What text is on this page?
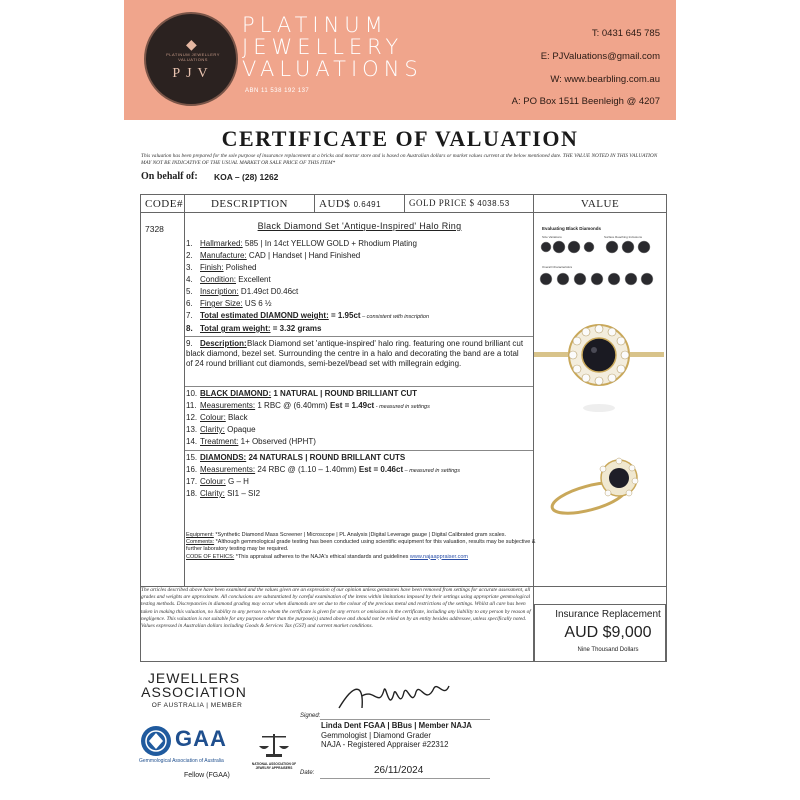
◆
PLATINUM JEWELLERY VALUATIONS
PJV
PLATINUM
JEWELLERY
VALUATIONS
ABN 11 538 192 137
T: 0431 645 785
E: PJValuations@gmail.com
W: www.bearbling.com.au
A: PO Box 1511 Beenleigh @ 4207
CERTIFICATE OF VALUATION
This valuation has been prepared for the sole purpose of insurance replacement at a bricks and mortar store and is based on Australian dollars or market values current at the below mentioned date. THE VALUE NOTED IN THIS VALUATION MAY NOT BE INDICATIVE OF THE USUAL MARKET OR SALE PRICE OF THIS ITEM*
On behalf of: KOA – (28) 1262
CODE#	DESCRIPTION	AUD$ 0.6491	GOLD PRICE $ 4038.53	VALUE
7328	Black Diamond Set 'Antique-Inspired' Halo Ring
1. Hallmarked: 585 | In 14ct YELLOW GOLD + Rhodium Plating
2. Manufacture: CAD | Handset | Hand Finished
3. Finish: Polished
4. Condition: Excellent
5. Inscription: D1.49ct D0.46ct
6. Finger Size: US 6 ½
7. Total estimated DIAMOND weight: = 1.95ct – consistent with inscription
8. Total gram weight: = 3.32 grams
9. Description: Black Diamond set 'antique-inspired' halo ring. featuring one round brilliant cut black diamond, bezel set. Surrounding the centre in a halo and decorating the band are a total of 24 round brilliant cut diamonds, semi-bezel/bead set with millegrain edging.
10. BLACK DIAMOND: 1 NATURAL | ROUND BRILLIANT CUT
11. Measurements: 1 RBC @ (6.40mm) Est = 1.49ct - measured in settings
12. Colour: Black
13. Clarity: Opaque
14. Treatment: 1+ Observed (HPHT)
15. DIAMONDS: 24 NATURALS | ROUND BRILLANT CUTS
16. Measurements: 24 RBC @ (1.10 – 1.40mm) Est = 0.46ct – measured in settings
17. Colour: G – H
18. Clarity: SI1 – SI2
Equipment: *Synthetic Diamond Mass Screener | Microscope | PL Analysis |Digital Leverage gauge | Digital Calibrated gram scales.
Comments: *Although gemmological grade testing has been conducted using scientific equipment for this valuation, results may be subjective & further laboratory testing may be required.
CODE OF ETHICS: *This appraisal adheres to the NAJA's ethical standards and guidelines www.najaappraiser.com
Evaluating Black Diamonds
Size Variations	Surface Reaching Inclusions
Overall Characteristics
The articles described above have been examined and the values given are an expression of our opinion unless gemstones have been removed from settings for accurate assessment, all grades and weights are approximate. All conclusions are substantiated by careful examination of the items within limitations imposed by their settings using appropriate gemmological testing methods. Discrepancies in diamond grading may occur when diamonds are set due to the colour of the precious metal and restrictions of the settings. Whilst all care has been taken in making this valuation, no liability to any person to whom the certificate is given for any errors or omissions in the certificate, including any liability to any person by reason of negligence. This valuation is not suitable for any purpose other than the purpose(s) stated above and should not be relied on by an entity besides addressee, unless specifically noted. Values expressed in Australian dollars including Goods & Services Tax (GST) and current market conditions.
Insurance Replacement
AUD $9,000
Nine Thousand Dollars
JEWELLERS
ASSOCIATION
OF AUSTRALIA | MEMBER
GAA
Gemmological Association of Australia
Fellow (FGAA)
NATIONAL ASSOCIATION OF JEWELRY APPRAISERS
Signed:
Linda Dent FGAA | BBus | Member NAJA
Gemmologist | Diamond Grader
NAJA - Registered Appraiser #22312
Date:	26/11/2024
